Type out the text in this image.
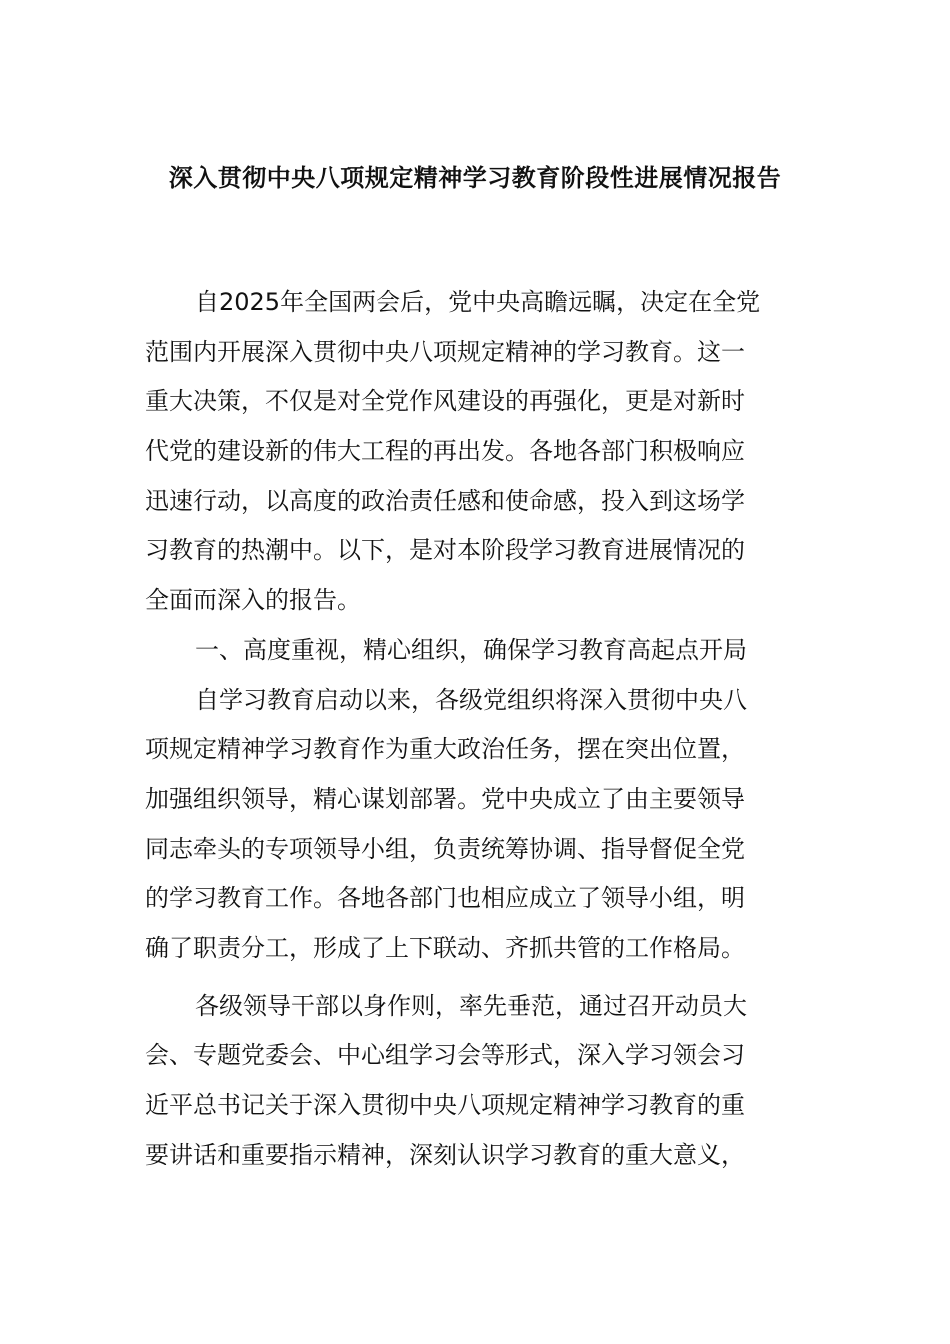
深入贯彻中央八项规定精神学习教育阶段性进展情况报告
自2025年全国两会后，党中央高瞻远瞩，决定在全党
范围内开展深入贯彻中央八项规定精神的学习教育。这一
重大决策，不仅是对全党作风建设的再强化，更是对新时
代党的建设新的伟大工程的再出发。各地各部门积极响应
迅速行动，以高度的政治责任感和使命感，投入到这场学
习教育的热潮中。以下，是对本阶段学习教育进展情况的
全面而深入的报告。
一、高度重视，精心组织，确保学习教育高起点开局
自学习教育启动以来，各级党组织将深入贯彻中央八
项规定精神学习教育作为重大政治任务，摆在突出位置，
加强组织领导，精心谋划部署。党中央成立了由主要领导
同志牵头的专项领导小组，负责统筹协调、指导督促全党
的学习教育工作。各地各部门也相应成立了领导小组，明
确了职责分工，形成了上下联动、齐抓共管的工作格局。
各级领导干部以身作则，率先垂范，通过召开动员大
会、专题党委会、中心组学习会等形式，深入学习领会习
近平总书记关于深入贯彻中央八项规定精神学习教育的重
要讲话和重要指示精神，深刻认识学习教育的重大意义，
